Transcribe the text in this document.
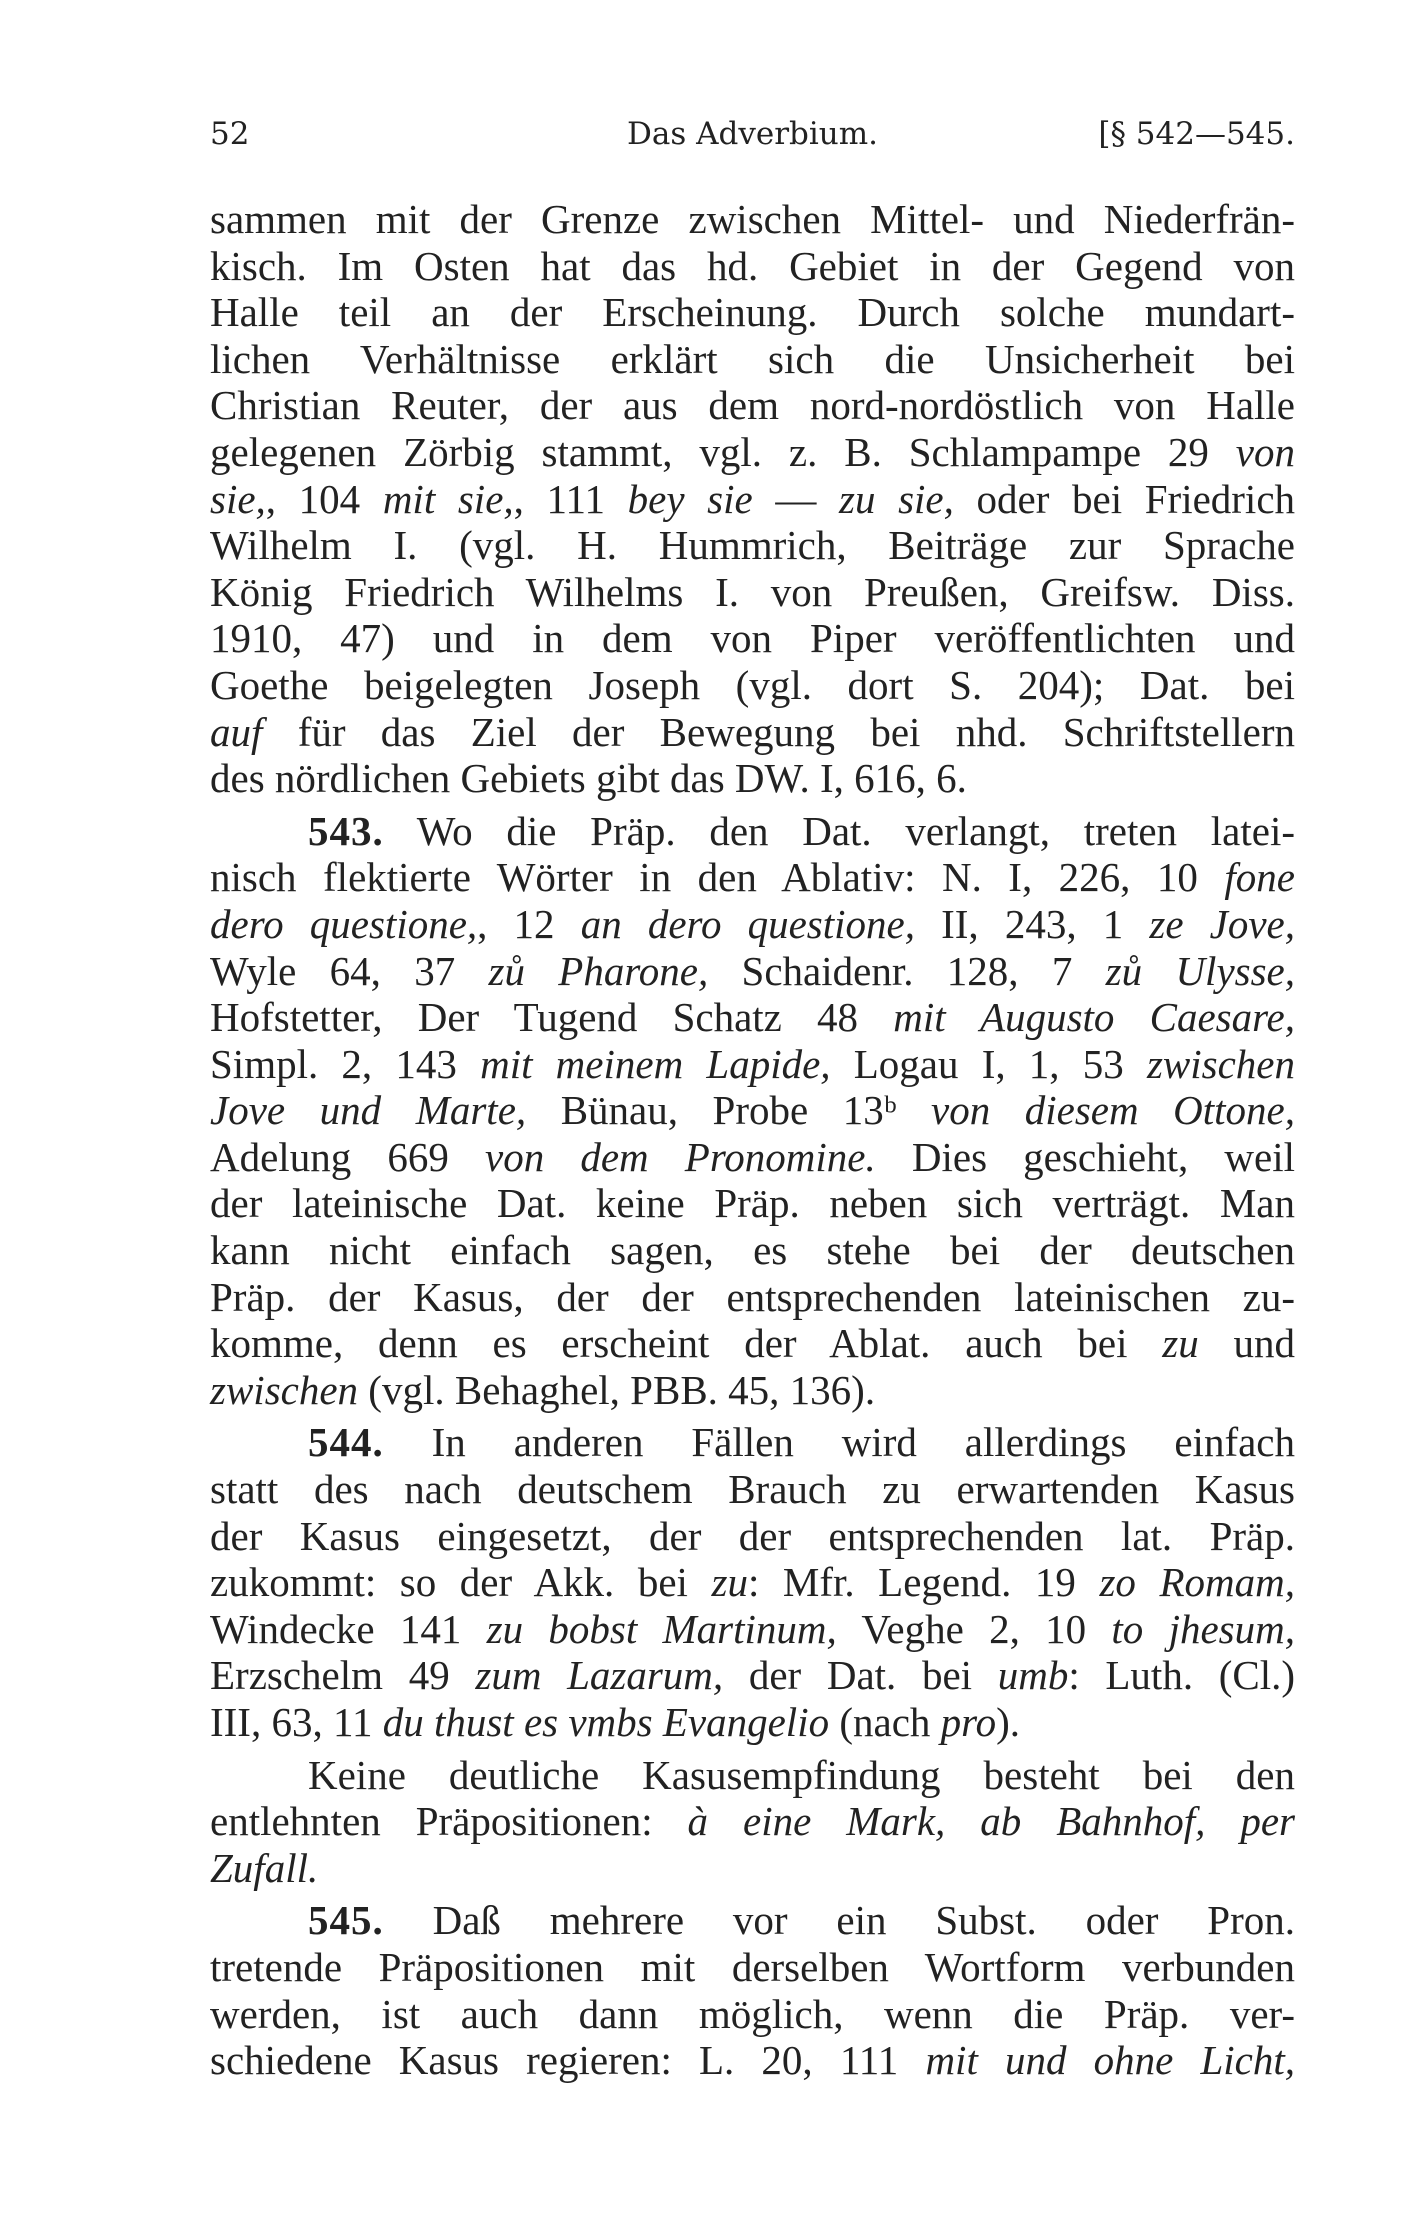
52	Das Adverbium.	[§ 542—545.
sammen mit der Grenze zwischen Mittel- und Niederfrän-
kisch. Im Osten hat das hd. Gebiet in der Gegend von
Halle teil an der Erscheinung. Durch solche mundart-
lichen Verhältnisse erklärt sich die Unsicherheit bei
Christian Reuter, der aus dem nord-nordöstlich von Halle
gelegenen Zörbig stammt, vgl. z. B. Schlampampe 29 von
sie,, 104 mit sie,, 111 bey sie — zu sie, oder bei Friedrich
Wilhelm I. (vgl. H. Hummrich, Beiträge zur Sprache
König Friedrich Wilhelms I. von Preußen, Greifsw. Diss.
1910, 47) und in dem von Piper veröffentlichten und
Goethe beigelegten Joseph (vgl. dort S. 204); Dat. bei
auf für das Ziel der Bewegung bei nhd. Schriftstellern
des nördlichen Gebiets gibt das DW. I, 616, 6.
543. Wo die Präp. den Dat. verlangt, treten latei-
nisch flektierte Wörter in den Ablativ: N. I, 226, 10 fone
dero questione,, 12 an dero questione, II, 243, 1 ze Jove,
Wyle 64, 37 zů Pharone, Schaidenr. 128, 7 zů Ulysse,
Hofstetter, Der Tugend Schatz 48 mit Augusto Caesare,
Simpl. 2, 143 mit meinem Lapide, Logau I, 1, 53 zwischen
Jove und Marte, Bünau, Probe 13ᵇ von diesem Ottone,
Adelung 669 von dem Pronomine. Dies geschieht, weil
der lateinische Dat. keine Präp. neben sich verträgt. Man
kann nicht einfach sagen, es stehe bei der deutschen
Präp. der Kasus, der der entsprechenden lateinischen zu-
komme, denn es erscheint der Ablat. auch bei zu und
zwischen (vgl. Behaghel, PBB. 45, 136).
544. In anderen Fällen wird allerdings einfach
statt des nach deutschem Brauch zu erwartenden Kasus
der Kasus eingesetzt, der der entsprechenden lat. Präp.
zukommt: so der Akk. bei zu: Mfr. Legend. 19 zo Romam,
Windecke 141 zu bobst Martinum, Veghe 2, 10 to jhesum,
Erzschelm 49 zum Lazarum, der Dat. bei umb: Luth. (Cl.)
III, 63, 11 du thust es vmbs Evangelio (nach pro).
Keine deutliche Kasusempfindung besteht bei den
entlehnten Präpositionen: à eine Mark, ab Bahnhof, per
Zufall.
545. Daß mehrere vor ein Subst. oder Pron.
tretende Präpositionen mit derselben Wortform verbunden
werden, ist auch dann möglich, wenn die Präp. ver-
schiedene Kasus regieren: L. 20, 111 mit und ohne Licht,
